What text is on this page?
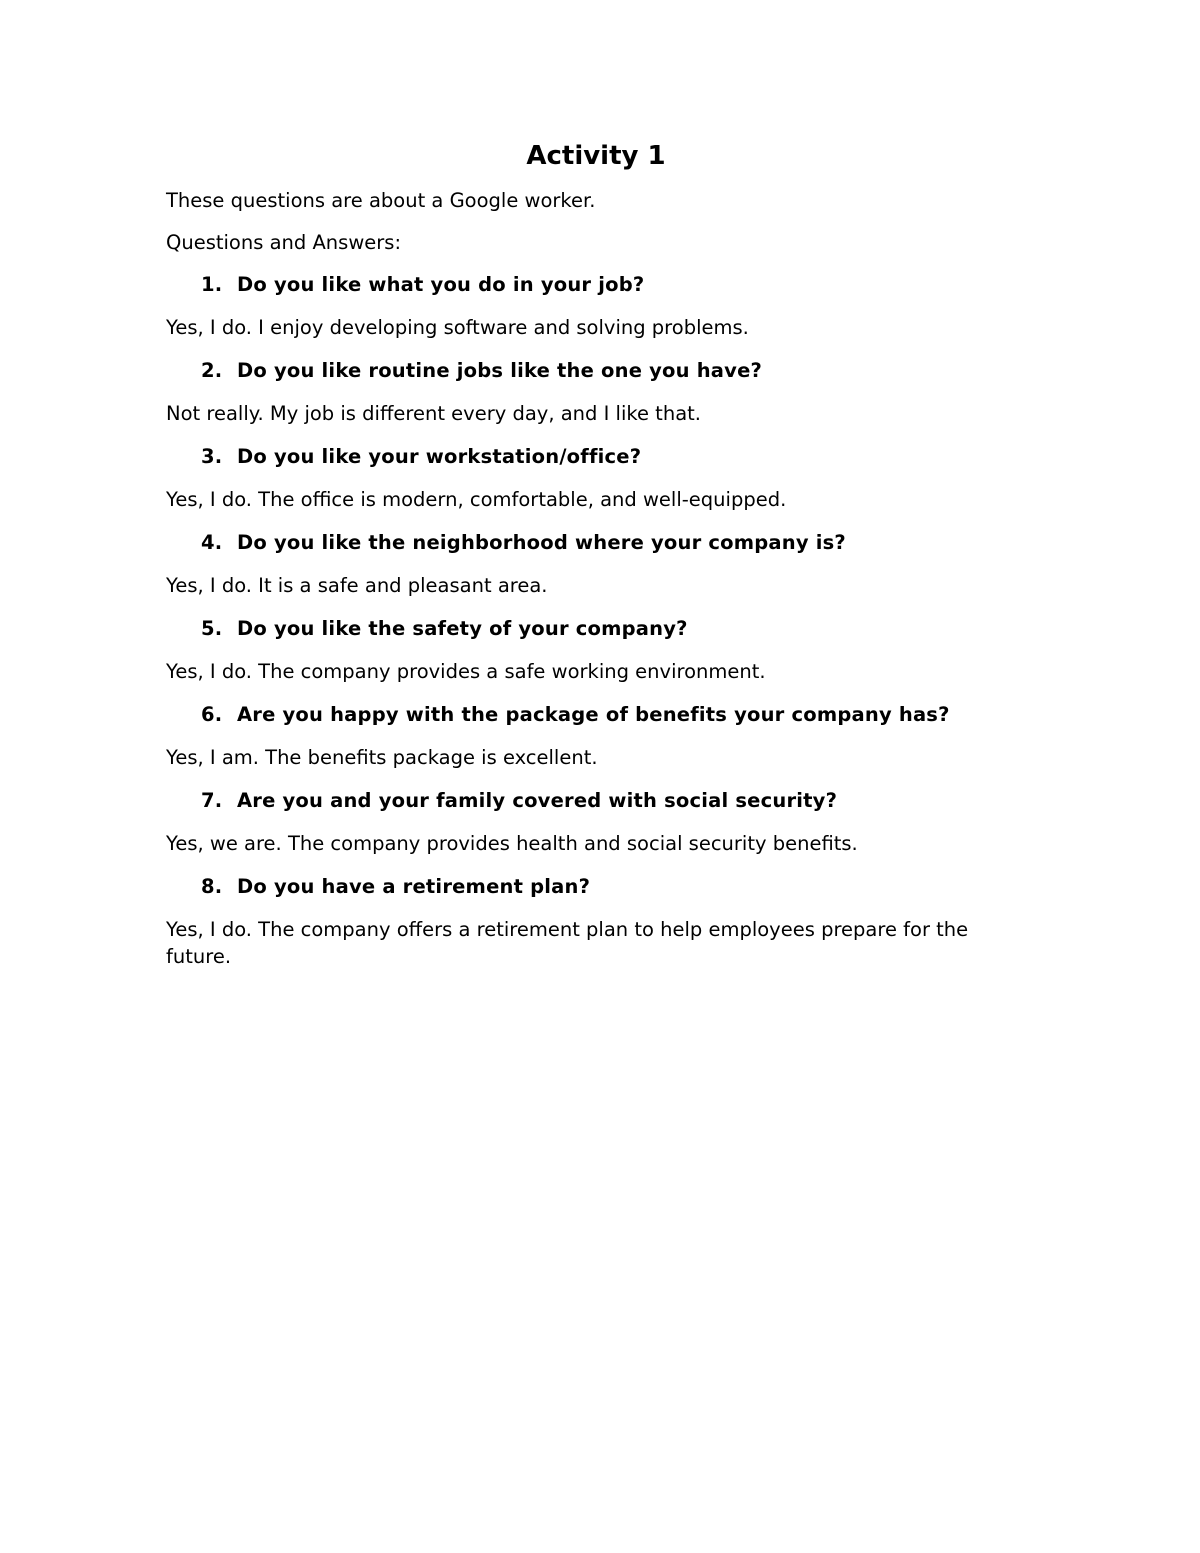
Activity 1

These questions are about a Google worker.

Questions and Answers:

1. Do you like what you do in your job?

Yes, I do. I enjoy developing software and solving problems.

2. Do you like routine jobs like the one you have?

Not really. My job is different every day, and I like that.

3. Do you like your workstation/office?

Yes, I do. The office is modern, comfortable, and well-equipped.

4. Do you like the neighborhood where your company is?

Yes, I do. It is a safe and pleasant area.

5. Do you like the safety of your company?

Yes, I do. The company provides a safe working environment.

6. Are you happy with the package of benefits your company has?

Yes, I am. The benefits package is excellent.

7. Are you and your family covered with social security?

Yes, we are. The company provides health and social security benefits.

8. Do you have a retirement plan?

Yes, I do. The company offers a retirement plan to help employees prepare for the future.
